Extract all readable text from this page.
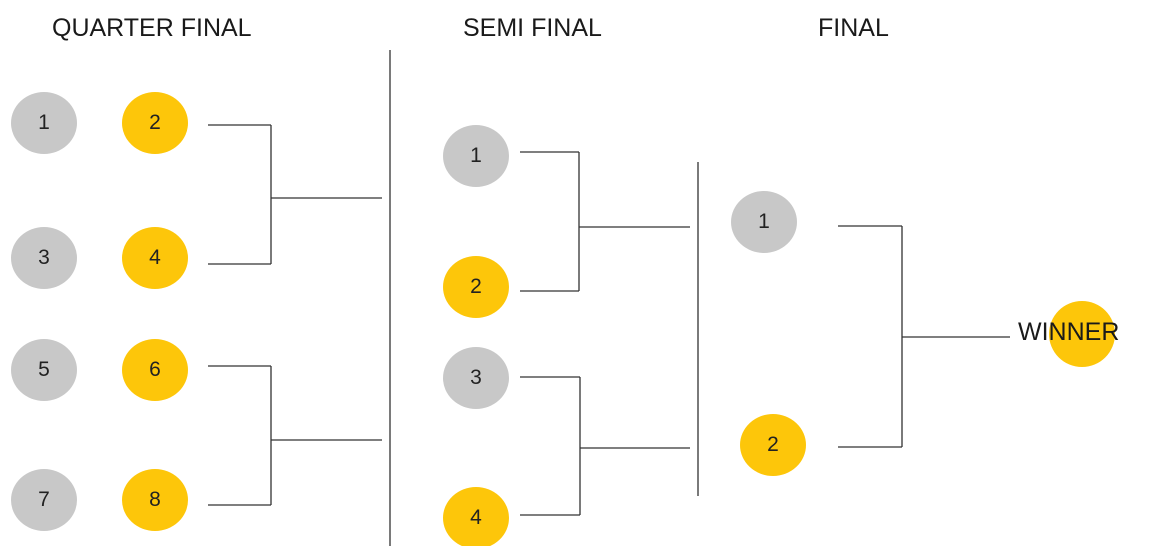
QUARTER FINAL	SEMI FINAL	FINAL
1	2
3	4
5	6
7	8
1
2
3
4
1
2
WINNER
